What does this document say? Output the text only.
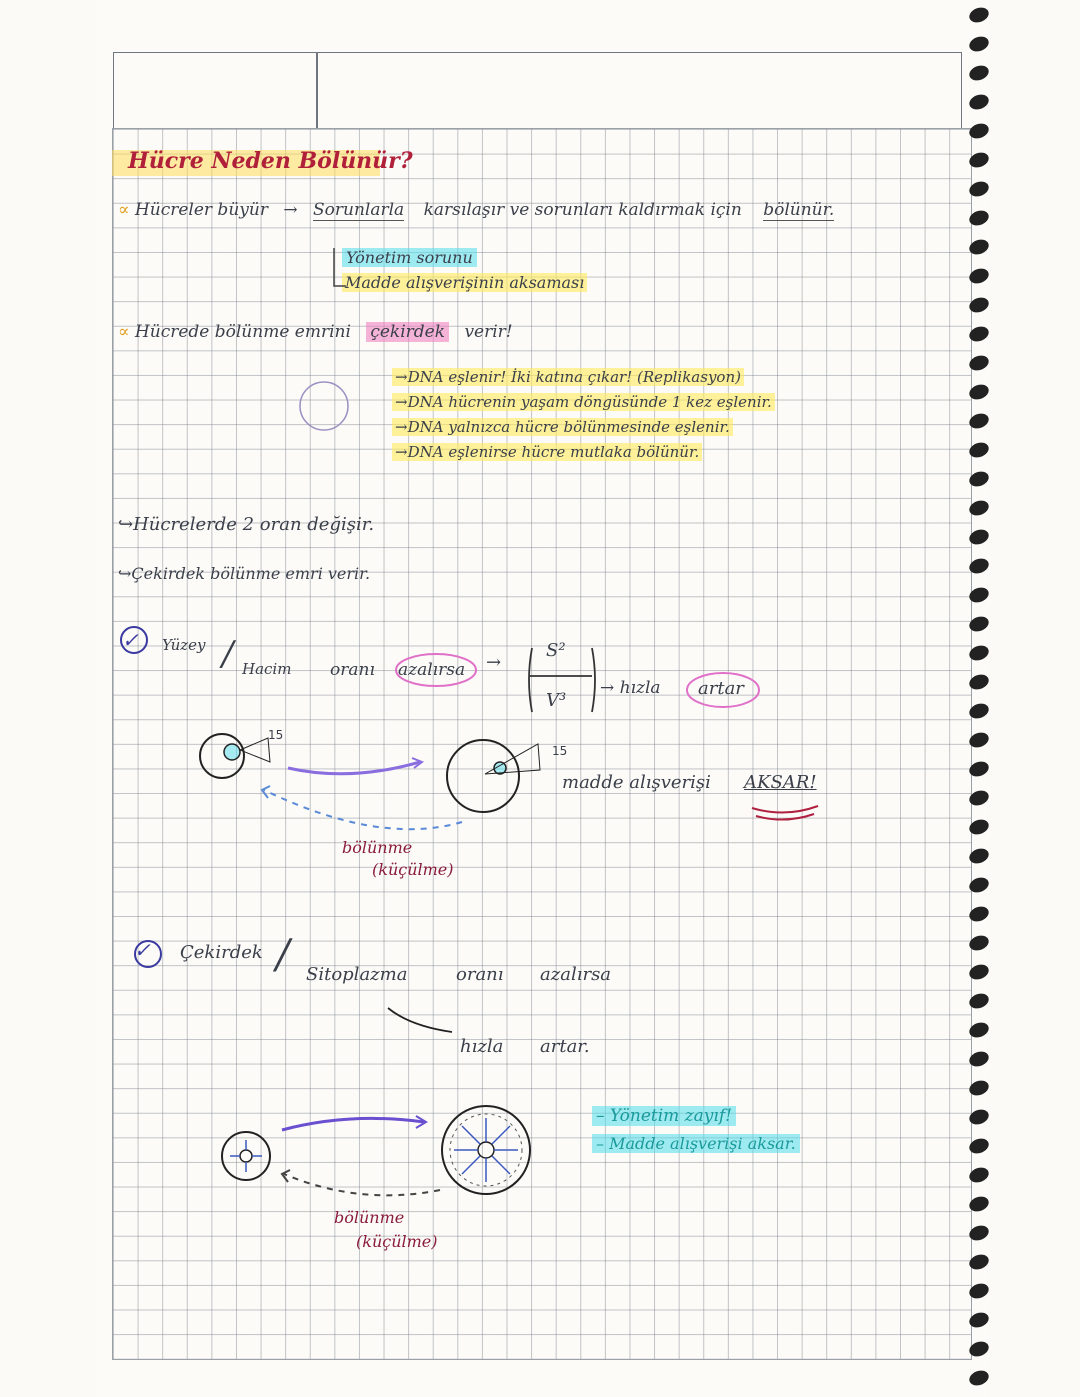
Hücre Neden Bölünür?
∝ Hücreler büyür → Sorunlarla karsılaşır ve sorunları kaldırmak için bölünür.
Yönetim sorunu
Madde alışverişinin aksaması
∝ Hücrede bölünme emrini çekirdek verir!
→DNA eşlenir! İki katına çıkar! (Replikasyon)
→DNA hücrenin yaşam döngüsünde 1 kez eşlenir.
→DNA yalnızca hücre bölünmesinde eşlenir.
→DNA eşlenirse hücre mutlaka bölünür.
↪Hücrelerde 2 oran değişir.
↪Çekirdek bölünme emri verir.
✓ Yüzey / Hacim oranı azalırsa →
S²
V³
→ hızla artar
15
15
madde alışverişi AKSAR!
bölünme
(küçülme)
✓ Çekirdek / Sitoplazma	oranı azalırsa
hızla artar.
– Yönetim zayıf!
– Madde alışverişi aksar.
bölünme
(küçülme)
